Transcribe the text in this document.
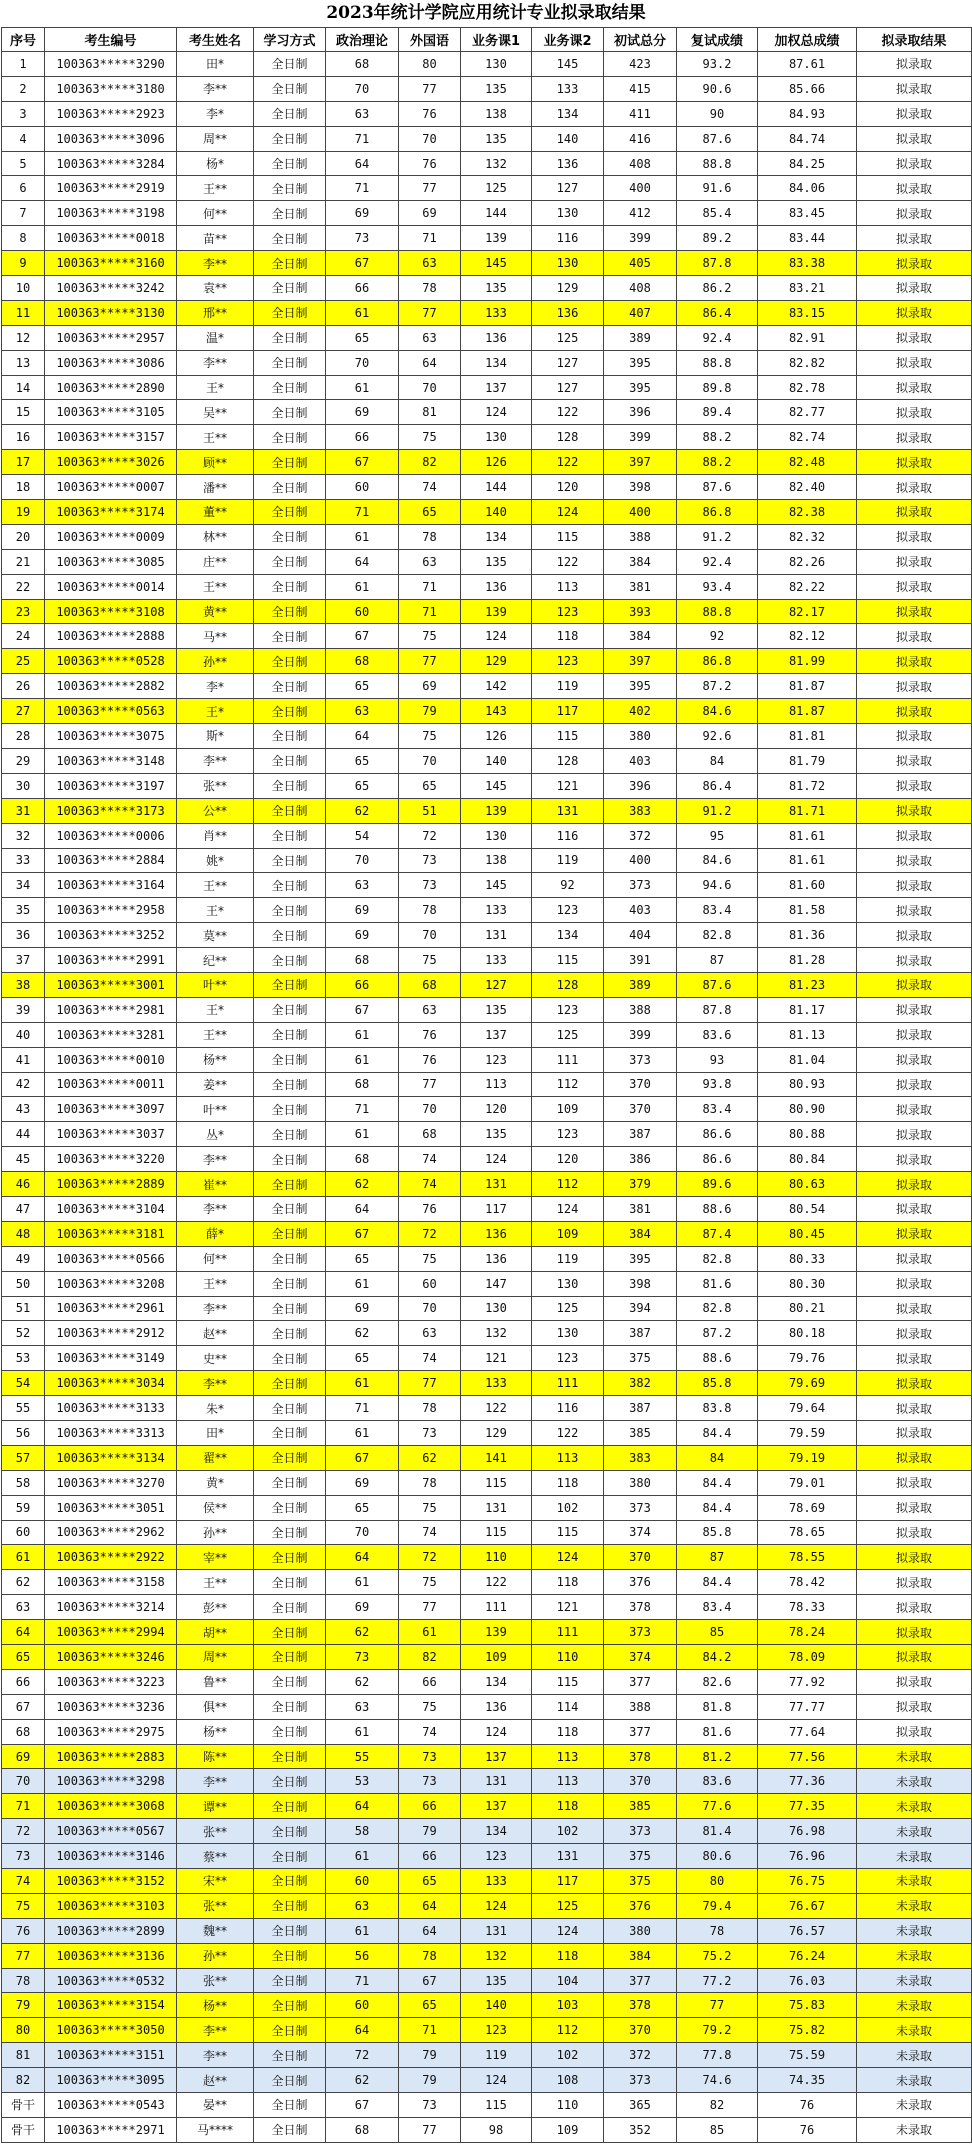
2023年统计学院应用统计专业拟录取结果
序号	考生编号	考生姓名	学习方式	政治理论	外国语	业务课1	业务课2	初试总分	复试成绩	加权总成绩	拟录取结果
1	100363*****3290	田*	全日制	68	80	130	145	423	93.2	87.61	拟录取
2	100363*****3180	李**	全日制	70	77	135	133	415	90.6	85.66	拟录取
3	100363*****2923	李*	全日制	63	76	138	134	411	90	84.93	拟录取
4	100363*****3096	周**	全日制	71	70	135	140	416	87.6	84.74	拟录取
5	100363*****3284	杨*	全日制	64	76	132	136	408	88.8	84.25	拟录取
6	100363*****2919	王**	全日制	71	77	125	127	400	91.6	84.06	拟录取
7	100363*****3198	何**	全日制	69	69	144	130	412	85.4	83.45	拟录取
8	100363*****0018	苗**	全日制	73	71	139	116	399	89.2	83.44	拟录取
9	100363*****3160	李**	全日制	67	63	145	130	405	87.8	83.38	拟录取
10	100363*****3242	袁**	全日制	66	78	135	129	408	86.2	83.21	拟录取
11	100363*****3130	邢**	全日制	61	77	133	136	407	86.4	83.15	拟录取
12	100363*****2957	温*	全日制	65	63	136	125	389	92.4	82.91	拟录取
13	100363*****3086	李**	全日制	70	64	134	127	395	88.8	82.82	拟录取
14	100363*****2890	王*	全日制	61	70	137	127	395	89.8	82.78	拟录取
15	100363*****3105	吴**	全日制	69	81	124	122	396	89.4	82.77	拟录取
16	100363*****3157	王**	全日制	66	75	130	128	399	88.2	82.74	拟录取
17	100363*****3026	顾**	全日制	67	82	126	122	397	88.2	82.48	拟录取
18	100363*****0007	潘**	全日制	60	74	144	120	398	87.6	82.40	拟录取
19	100363*****3174	董**	全日制	71	65	140	124	400	86.8	82.38	拟录取
20	100363*****0009	林**	全日制	61	78	134	115	388	91.2	82.32	拟录取
21	100363*****3085	庄**	全日制	64	63	135	122	384	92.4	82.26	拟录取
22	100363*****0014	王**	全日制	61	71	136	113	381	93.4	82.22	拟录取
23	100363*****3108	黄**	全日制	60	71	139	123	393	88.8	82.17	拟录取
24	100363*****2888	马**	全日制	67	75	124	118	384	92	82.12	拟录取
25	100363*****0528	孙**	全日制	68	77	129	123	397	86.8	81.99	拟录取
26	100363*****2882	李*	全日制	65	69	142	119	395	87.2	81.87	拟录取
27	100363*****0563	王*	全日制	63	79	143	117	402	84.6	81.87	拟录取
28	100363*****3075	斯*	全日制	64	75	126	115	380	92.6	81.81	拟录取
29	100363*****3148	李**	全日制	65	70	140	128	403	84	81.79	拟录取
30	100363*****3197	张**	全日制	65	65	145	121	396	86.4	81.72	拟录取
31	100363*****3173	公**	全日制	62	51	139	131	383	91.2	81.71	拟录取
32	100363*****0006	肖**	全日制	54	72	130	116	372	95	81.61	拟录取
33	100363*****2884	姚*	全日制	70	73	138	119	400	84.6	81.61	拟录取
34	100363*****3164	王**	全日制	63	73	145	92	373	94.6	81.60	拟录取
35	100363*****2958	王*	全日制	69	78	133	123	403	83.4	81.58	拟录取
36	100363*****3252	莫**	全日制	69	70	131	134	404	82.8	81.36	拟录取
37	100363*****2991	纪**	全日制	68	75	133	115	391	87	81.28	拟录取
38	100363*****3001	叶**	全日制	66	68	127	128	389	87.6	81.23	拟录取
39	100363*****2981	王*	全日制	67	63	135	123	388	87.8	81.17	拟录取
40	100363*****3281	王**	全日制	61	76	137	125	399	83.6	81.13	拟录取
41	100363*****0010	杨**	全日制	61	76	123	111	373	93	81.04	拟录取
42	100363*****0011	姜**	全日制	68	77	113	112	370	93.8	80.93	拟录取
43	100363*****3097	叶**	全日制	71	70	120	109	370	83.4	80.90	拟录取
44	100363*****3037	丛*	全日制	61	68	135	123	387	86.6	80.88	拟录取
45	100363*****3220	李**	全日制	68	74	124	120	386	86.6	80.84	拟录取
46	100363*****2889	崔**	全日制	62	74	131	112	379	89.6	80.63	拟录取
47	100363*****3104	李**	全日制	64	76	117	124	381	88.6	80.54	拟录取
48	100363*****3181	薛*	全日制	67	72	136	109	384	87.4	80.45	拟录取
49	100363*****0566	何**	全日制	65	75	136	119	395	82.8	80.33	拟录取
50	100363*****3208	王**	全日制	61	60	147	130	398	81.6	80.30	拟录取
51	100363*****2961	李**	全日制	69	70	130	125	394	82.8	80.21	拟录取
52	100363*****2912	赵**	全日制	62	63	132	130	387	87.2	80.18	拟录取
53	100363*****3149	史**	全日制	65	74	121	123	375	88.6	79.76	拟录取
54	100363*****3034	李**	全日制	61	77	133	111	382	85.8	79.69	拟录取
55	100363*****3133	朱*	全日制	71	78	122	116	387	83.8	79.64	拟录取
56	100363*****3313	田*	全日制	61	73	129	122	385	84.4	79.59	拟录取
57	100363*****3134	翟**	全日制	67	62	141	113	383	84	79.19	拟录取
58	100363*****3270	黄*	全日制	69	78	115	118	380	84.4	79.01	拟录取
59	100363*****3051	侯**	全日制	65	75	131	102	373	84.4	78.69	拟录取
60	100363*****2962	孙**	全日制	70	74	115	115	374	85.8	78.65	拟录取
61	100363*****2922	宰**	全日制	64	72	110	124	370	87	78.55	拟录取
62	100363*****3158	王**	全日制	61	75	122	118	376	84.4	78.42	拟录取
63	100363*****3214	彭**	全日制	69	77	111	121	378	83.4	78.33	拟录取
64	100363*****2994	胡**	全日制	62	61	139	111	373	85	78.24	拟录取
65	100363*****3246	周**	全日制	73	82	109	110	374	84.2	78.09	拟录取
66	100363*****3223	鲁**	全日制	62	66	134	115	377	82.6	77.92	拟录取
67	100363*****3236	俱**	全日制	63	75	136	114	388	81.8	77.77	拟录取
68	100363*****2975	杨**	全日制	61	74	124	118	377	81.6	77.64	拟录取
69	100363*****2883	陈**	全日制	55	73	137	113	378	81.2	77.56	未录取
70	100363*****3298	李**	全日制	53	73	131	113	370	83.6	77.36	未录取
71	100363*****3068	谭**	全日制	64	66	137	118	385	77.6	77.35	未录取
72	100363*****0567	张**	全日制	58	79	134	102	373	81.4	76.98	未录取
73	100363*****3146	蔡**	全日制	61	66	123	131	375	80.6	76.96	未录取
74	100363*****3152	宋**	全日制	60	65	133	117	375	80	76.75	未录取
75	100363*****3103	张**	全日制	63	64	124	125	376	79.4	76.67	未录取
76	100363*****2899	魏**	全日制	61	64	131	124	380	78	76.57	未录取
77	100363*****3136	孙**	全日制	56	78	132	118	384	75.2	76.24	未录取
78	100363*****0532	张**	全日制	71	67	135	104	377	77.2	76.03	未录取
79	100363*****3154	杨**	全日制	60	65	140	103	378	77	75.83	未录取
80	100363*****3050	李**	全日制	64	71	123	112	370	79.2	75.82	未录取
81	100363*****3151	李**	全日制	72	79	119	102	372	77.8	75.59	未录取
82	100363*****3095	赵**	全日制	62	79	124	108	373	74.6	74.35	未录取
骨干	100363*****0543	晏**	全日制	67	73	115	110	365	82	76	未录取
骨干	100363*****2971	马****	全日制	68	77	98	109	352	85	76	未录取
